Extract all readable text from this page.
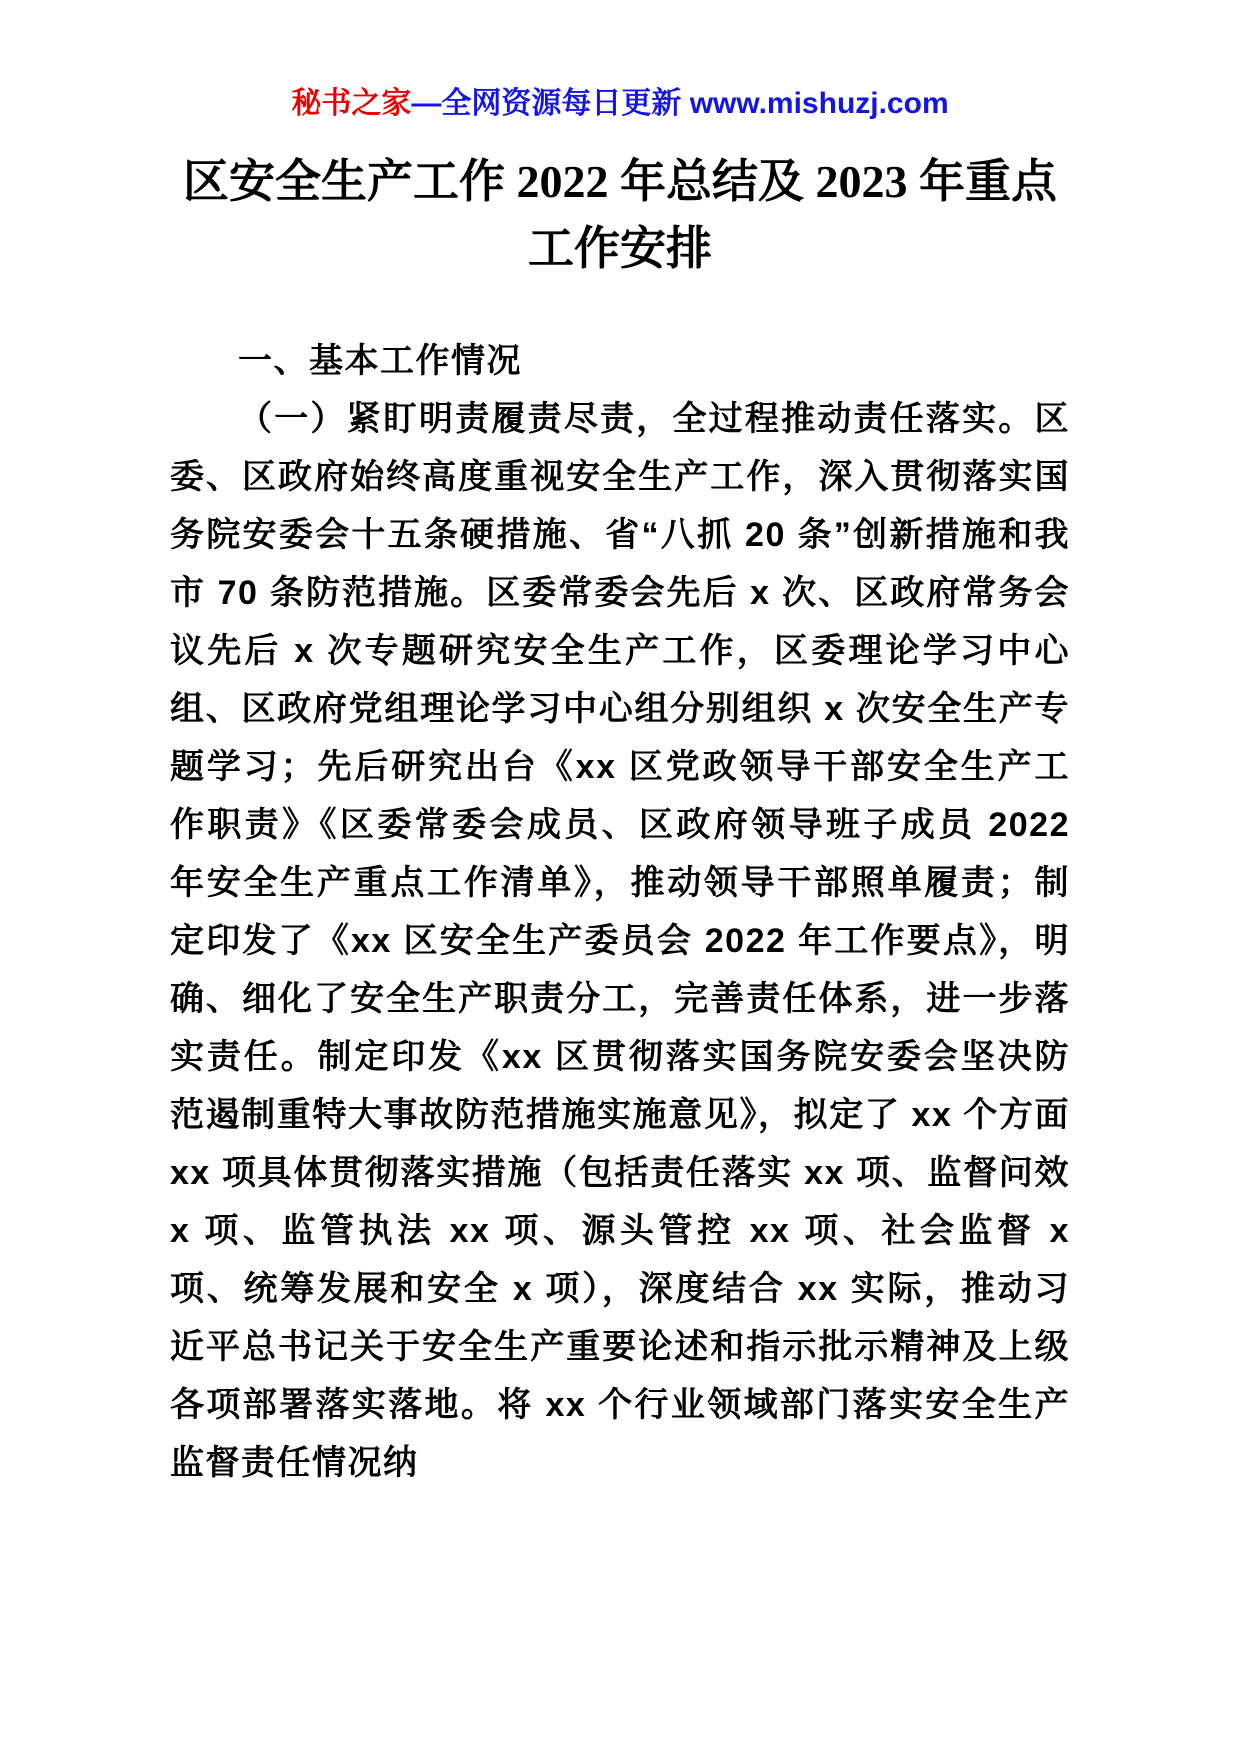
秘书之家—全网资源每日更新 www.mishuzj.com
区安全生产工作 2022 年总结及 2023 年重点工作安排
一、基本工作情况

（一）紧盯明责履责尽责，全过程推动责任落实。区委、区政府始终高度重视安全生产工作，深入贯彻落实国务院安委会十五条硬措施、省“八抓 20 条”创新措施和我市 70 条防范措施。区委常委会先后 x 次、区政府常务会议先后 x 次专题研究安全生产工作，区委理论学习中心组、区政府党组理论学习中心组分别组织 x 次安全生产专题学习；先后研究出台《xx 区党政领导干部安全生产工作职责》《区委常委会成员、区政府领导班子成员 2022 年安全生产重点工作清单》，推动领导干部照单履责；制定印发了《xx 区安全生产委员会 2022 年工作要点》，明确、细化了安全生产职责分工，完善责任体系，进一步落实责任。制定印发《xx 区贯彻落实国务院安委会坚决防范遏制重特大事故防范措施实施意见》，拟定了 xx 个方面 xx 项具体贯彻落实措施（包括责任落实 xx 项、监督问效 x 项、监管执法 xx 项、源头管控 xx 项、社会监督 x 项、统筹发展和安全 x 项），深度结合 xx 实际，推动习近平总书记关于安全生产重要论述和指示批示精神及上级各项部署落实落地。将 xx 个行业领域部门落实安全生产监督责任情况纳
